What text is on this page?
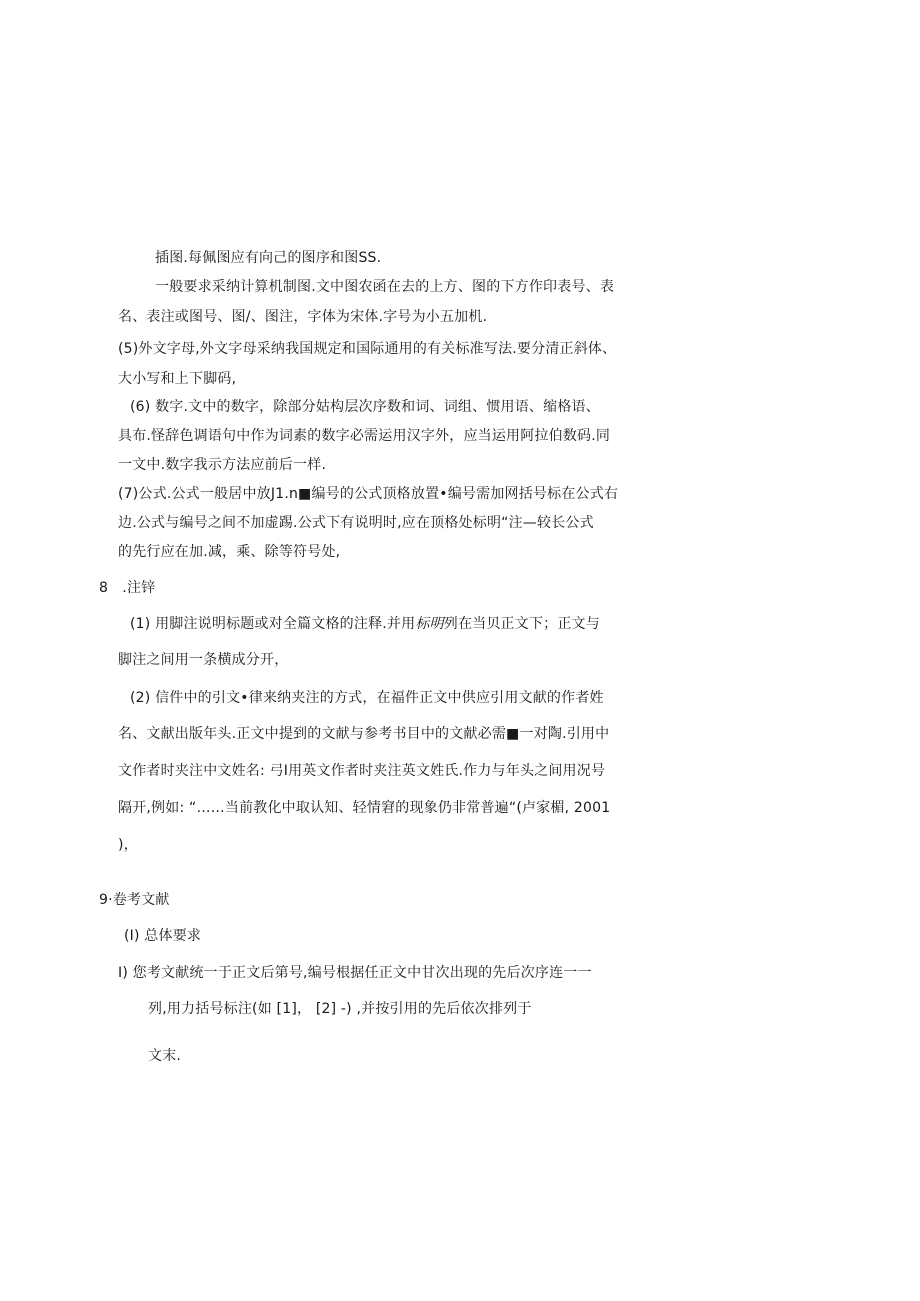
插图.每佩图应有向己的图序和图SS.
一般要求采纳计算机制图.文中图农函在去的上方、图的下方作印表号、表
名、表注或图号、图/、图注，字体为宋体.字号为小五加机.
(5)外文字母,外文字母采纳我国规定和国际通用的有关标准写法.要分清正斜体、
大小写和上下脚码,
(6) 数字.文中的数字，除部分姑构层次序数和词、词组、惯用语、缩格语、
具布.怪辞色调语句中作为词素的数字必需运用汉字外，应当运用阿拉伯数码.同
一文中.数字我示方法应前后一样.
(7)公式.公式一般居中放J1.n■编号的公式顶格放置•编号需加网括号标在公式右
边.公式与编号之间不加虚踢.公式下有说明时,应在顶格处标明“注—较长公式
的先行应在加.减，乘、除等符号处,
8　.注锌
(1) 用脚注说明标题或对全篇文格的注释.并用标明列在当贝正文下；正文与
脚注之间用一条横成分开，
(2) 信件中的引文•律来纳夹注的方式，在福件正文中供应引用文献的作者姓
名、文献出版年头.正文中提到的文献与参考书目中的文献必需■一对陶.引用中
文作者时夹注中文姓名: 弓I用英文作者时夹注英文姓氏.作力与年头之间用况号
隔开,例如: “……当前教化中取认知、轻情窘的现象仍非常普遍“(卢家楣, 2001
)，
9·卷考文献
(I) 总体要求
I) 您考文献统一于正文后第号,编号根据任正文中甘次出现的先后次序连一一
列,用力括号标注(如 [1]， [2] -) ,并按引用的先后依次排列于
文末.
